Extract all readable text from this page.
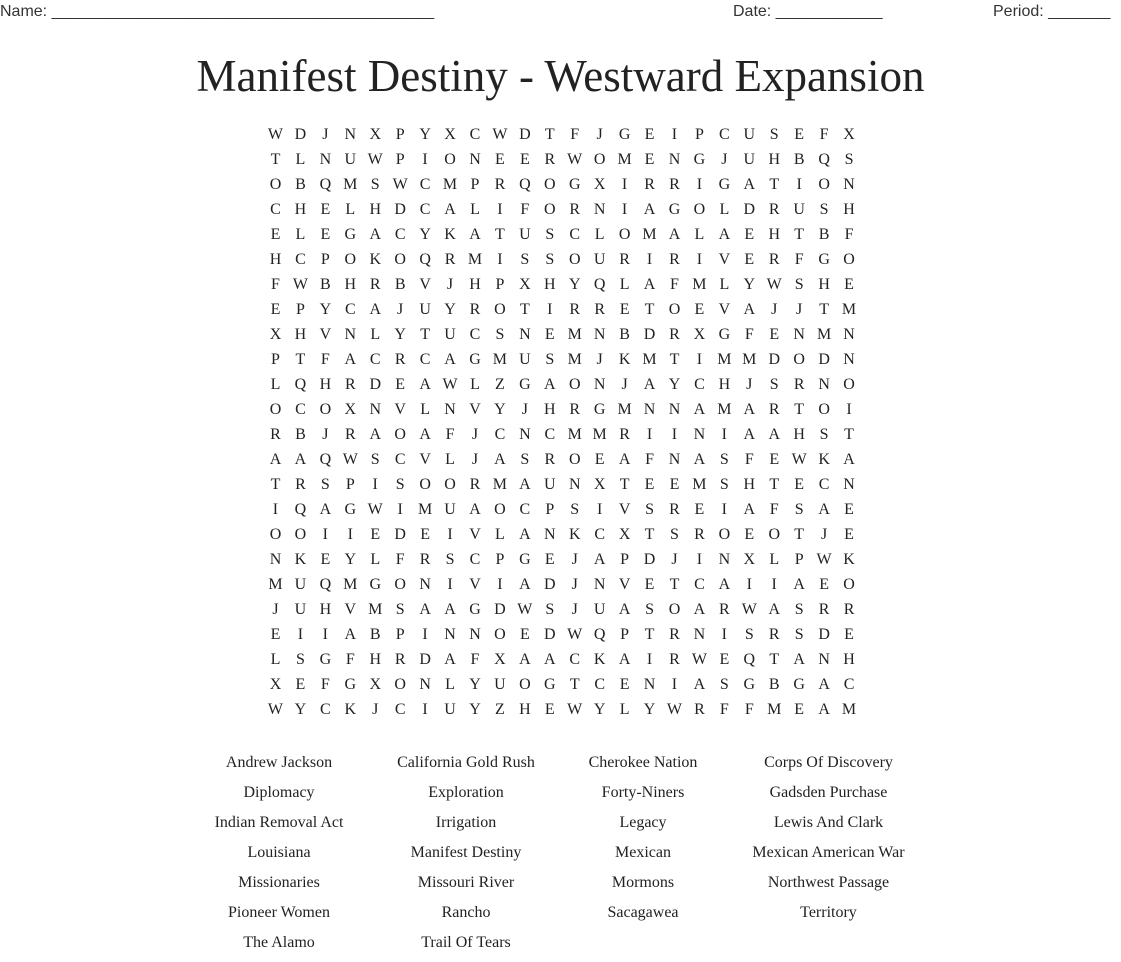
Name: ___________________________________________	Date: ____________	Period: _______
Manifest Destiny - Westward Expansion
W D J N X P Y X C W D T F J G E I P C U S E F X
T L N U W P I O N E E R W O M E N G J U H B Q S
O B Q M S W C M P R Q O G X I R R I G A T I O N
C H E L H D C A L I F O R N I A G O L D R U S H
E L E G A C Y K A T U S C L O M A L A E H T B F
H C P O K O Q R M I S S O U R I R I V E R F G O
F W B H R B V J H P X H Y Q L A F M L Y W S H E
E P Y C A J U Y R O T I R R E T O E V A J J T M
X H V N L Y T U C S N E M N B D R X G F E N M N
P T F A C R C A G M U S M J K M T I M M D O D N
L Q H R D E A W L Z G A O N J A Y C H J S R N O
O C O X N V L N V Y J H R G M N N A M A R T O I
R B J R A O A F J C N C M M R I I N I A A H S T
A A Q W S C V L J A S R O E A F N A S F E W K A
T R S P I S O O R M A U N X T E E M S H T E C N
I Q A G W I M U A O C P S I V S R E I A F S A E
O O I I E D E I V L A N K C X T S R O E O T J E
N K E Y L F R S C P G E J A P D J I N X L P W K
M U Q M G O N I V I A D J N V E T C A I I A E O
J U H V M S A A G D W S J U A S O A R W A S R R
E I I A B P I N N O E D W Q P T R N I S R S D E
L S G F H R D A F X A A C K A I R W E Q T A N H
X E F G X O N L Y U O G T C E N I A S G B G A C
W Y C K J C I U Y Z H E W Y L Y W R F F M E A M
Andrew Jackson	California Gold Rush	Cherokee Nation	Corps Of Discovery
Diplomacy	Exploration	Forty-Niners	Gadsden Purchase
Indian Removal Act	Irrigation	Legacy	Lewis And Clark
Louisiana	Manifest Destiny	Mexican	Mexican American War
Missionaries	Missouri River	Mormons	Northwest Passage
Pioneer Women	Rancho	Sacagawea	Territory
The Alamo	Trail Of Tears
